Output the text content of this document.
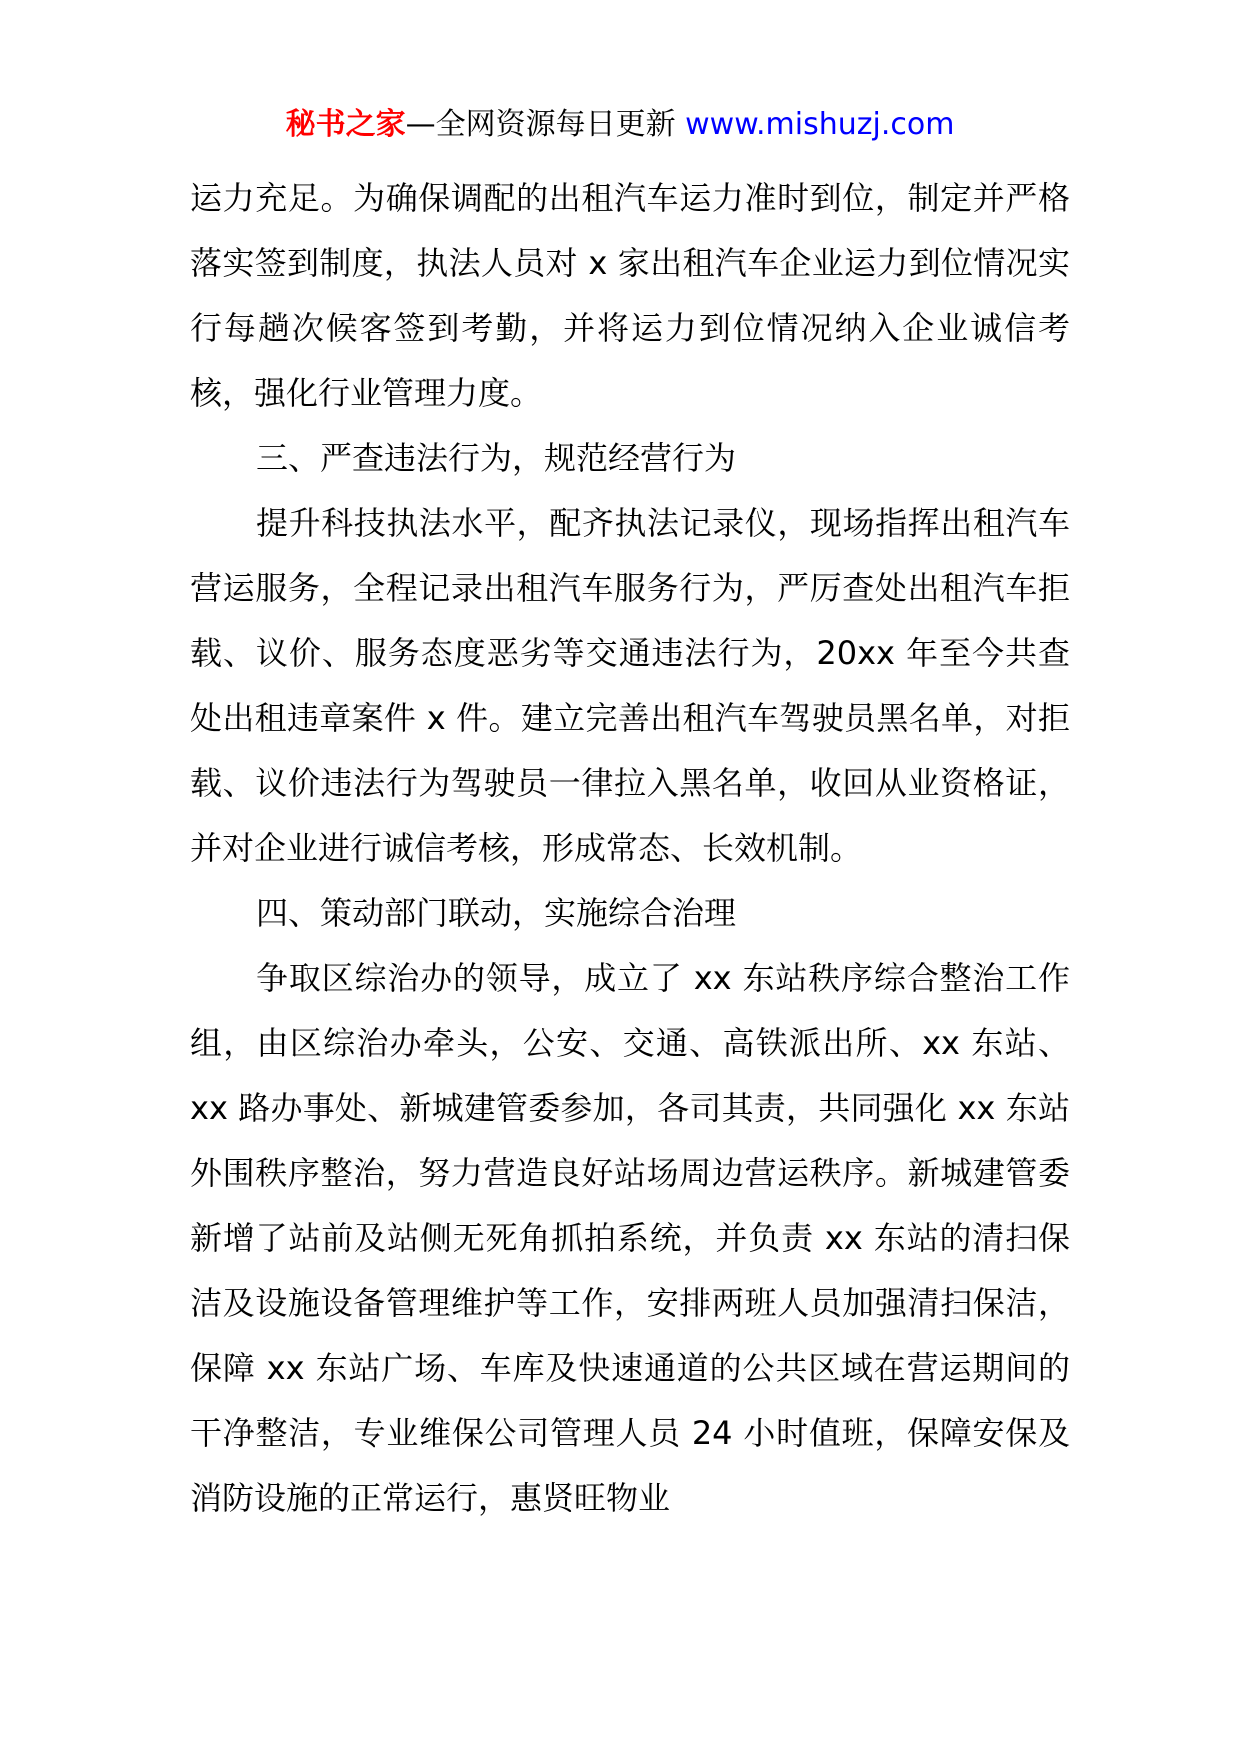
秘书之家—全网资源每日更新 www.mishuzj.com

运力充足。为确保调配的出租汽车运力准时到位，制定并严格落实签到制度，执法人员对 x 家出租汽车企业运力到位情况实行每趟次候客签到考勤，并将运力到位情况纳入企业诚信考核，强化行业管理力度。

三、严查违法行为，规范经营行为

提升科技执法水平，配齐执法记录仪，现场指挥出租汽车营运服务，全程记录出租汽车服务行为，严厉查处出租汽车拒载、议价、服务态度恶劣等交通违法行为，20xx 年至今共查处出租违章案件 x 件。建立完善出租汽车驾驶员黑名单，对拒载、议价违法行为驾驶员一律拉入黑名单，收回从业资格证，并对企业进行诚信考核，形成常态、长效机制。

四、策动部门联动，实施综合治理

争取区综治办的领导，成立了 xx 东站秩序综合整治工作组，由区综治办牵头，公安、交通、高铁派出所、xx 东站、xx 路办事处、新城建管委参加，各司其责，共同强化 xx 东站外围秩序整治，努力营造良好站场周边营运秩序。新城建管委新增了站前及站侧无死角抓拍系统，并负责 xx 东站的清扫保洁及设施设备管理维护等工作，安排两班人员加强清扫保洁，保障 xx 东站广场、车库及快速通道的公共区域在营运期间的干净整洁，专业维保公司管理人员 24 小时值班，保障安保及消防设施的正常运行，惠贤旺物业
